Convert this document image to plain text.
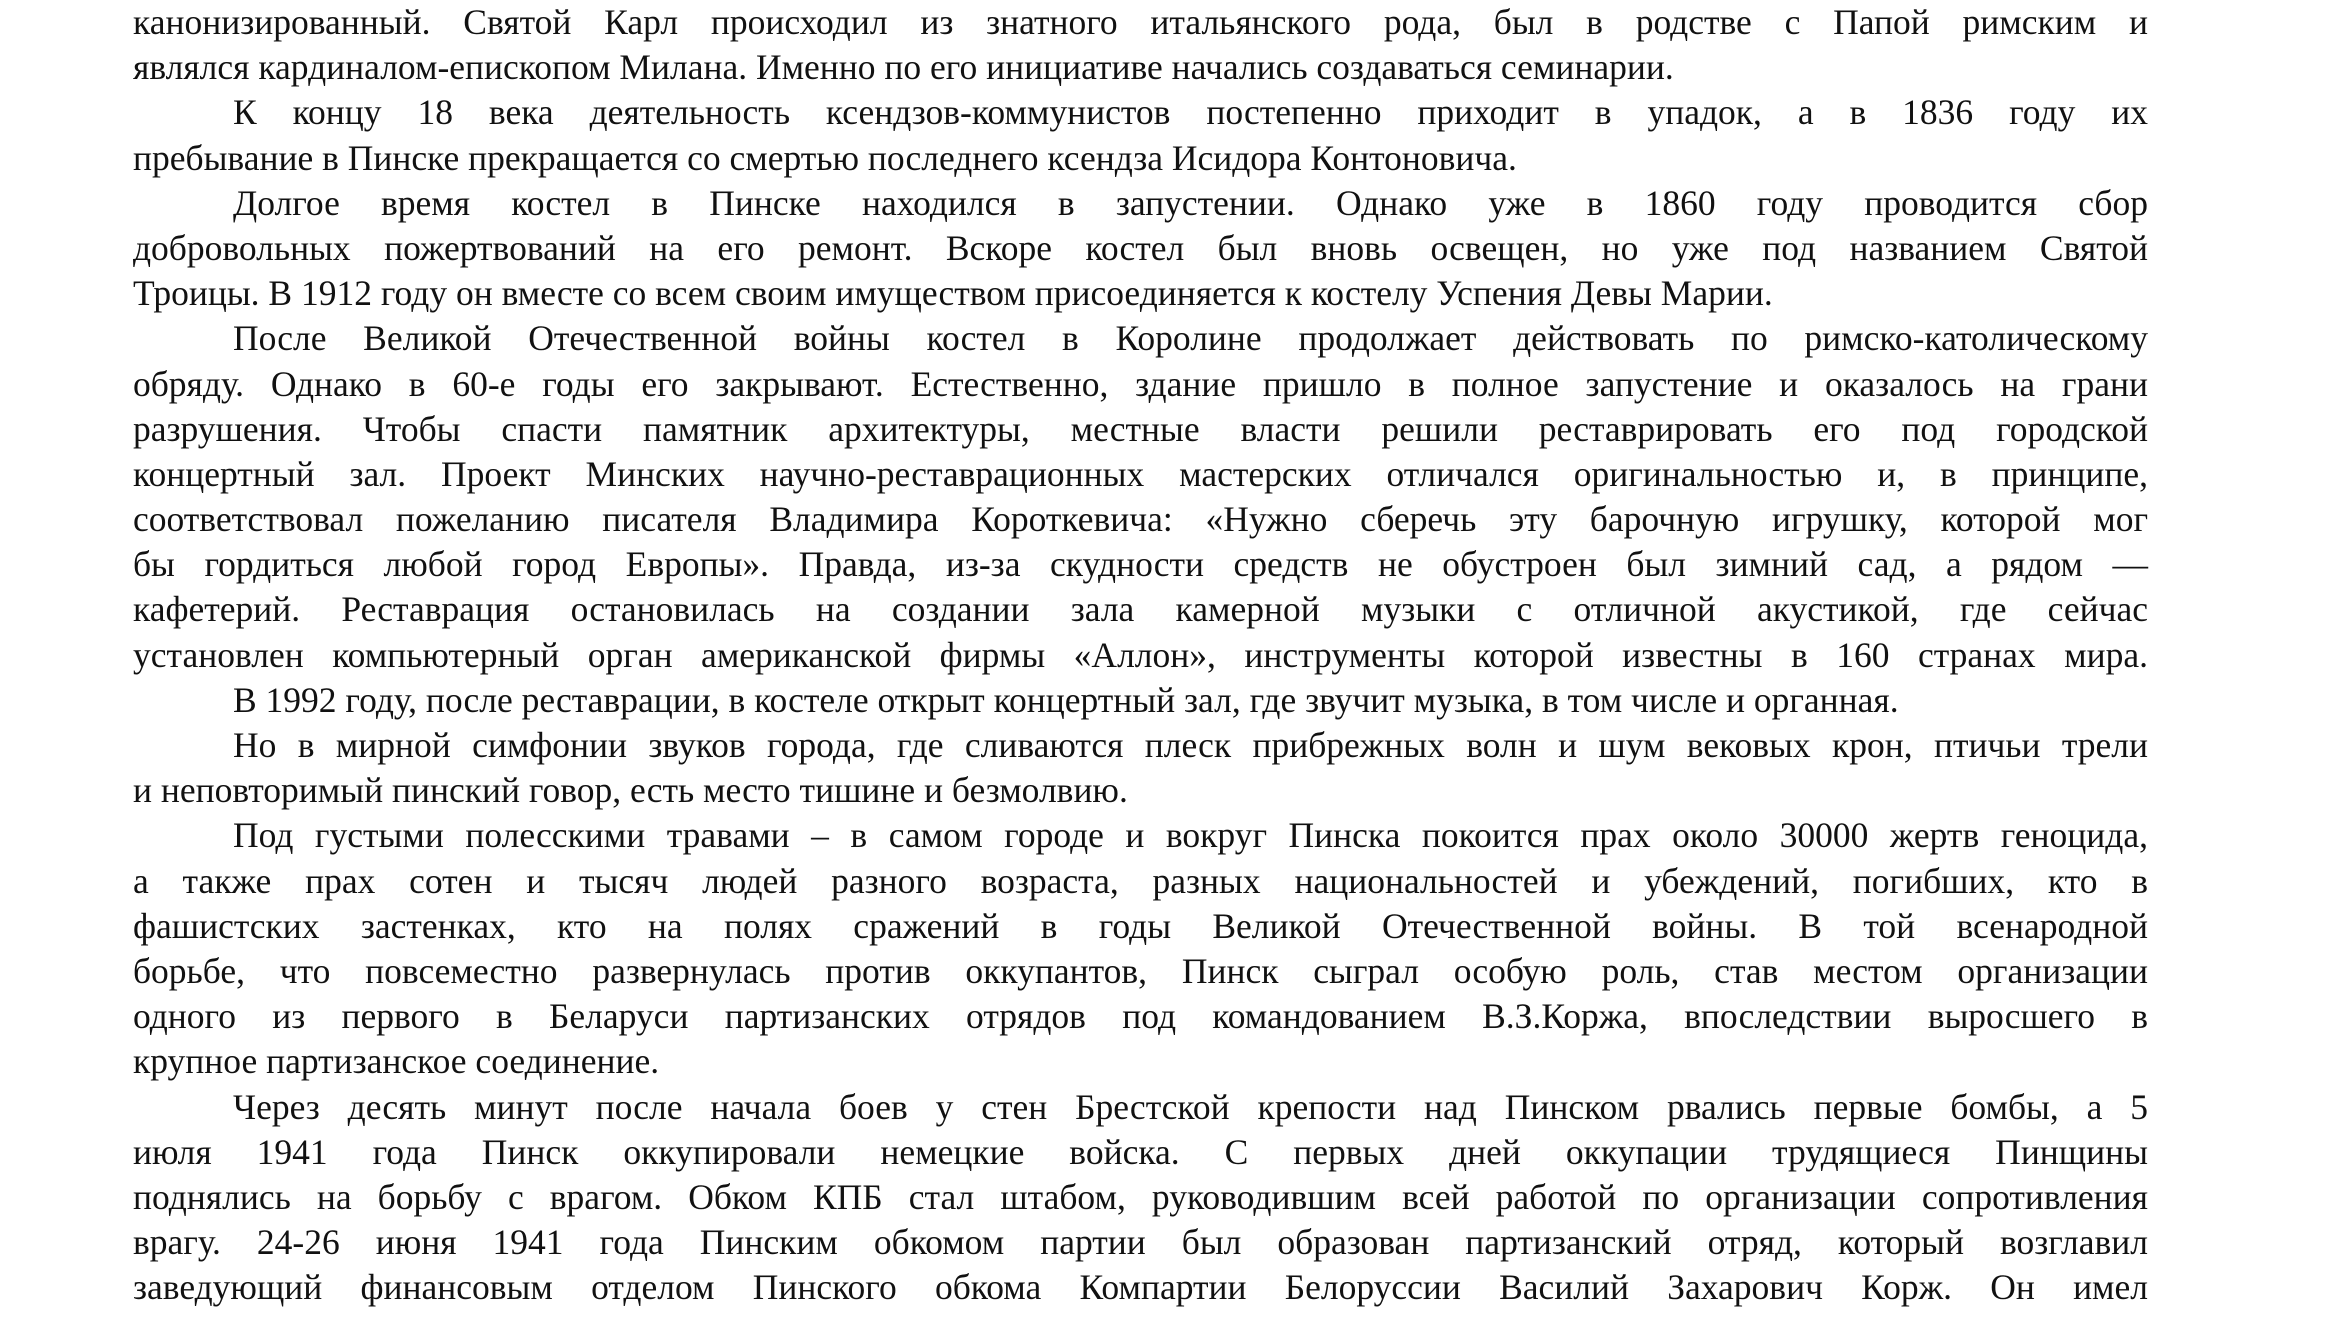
канонизированный. Святой Карл происходил из знатного итальянского рода, был в родстве с Папой римским и
являлся кардиналом-епископом Милана. Именно по его инициативе начались создаваться семинарии.
К концу 18 века деятельность ксендзов-коммунистов постепенно приходит в упадок, а в 1836 году их
пребывание в Пинске прекращается со смертью последнего ксендза Исидора Контоновича.
Долгое время костел в Пинске находился в запустении. Однако уже в 1860 году проводится сбор
добровольных пожертвований на его ремонт. Вскоре костел был вновь освещен, но уже под названием Святой
Троицы. В 1912 году он вместе со всем своим имуществом присоединяется к костелу Успения Девы Марии.
После Великой Отечественной войны костел в Королине продолжает действовать по римско-католическому
обряду. Однако в 60-е годы его закрывают. Естественно, здание пришло в полное запустение и оказалось на грани
разрушения. Чтобы спасти памятник архитектуры, местные власти решили реставрировать его под городской
концертный зал. Проект Минских научно-реставрационных мастерских отличался оригинальностью и, в принципе,
соответствовал пожеланию писателя Владимира Короткевича: «Нужно сберечь эту барочную игрушку, которой мог
бы гордиться любой город Европы». Правда, из-за скудности средств не обустроен был зимний сад, а рядом —
кафетерий. Реставрация остановилась на создании зала камерной музыки с отличной акустикой, где сейчас
установлен компьютерный орган американской фирмы «Аллон», инструменты которой известны в 160 странах мира.
В 1992 году, после реставрации, в костеле открыт концертный зал, где звучит музыка, в том числе и органная.
Но в мирной симфонии звуков города, где сливаются плеск прибрежных волн и шум вековых крон, птичьи трели
и неповторимый пинский говор, есть место тишине и безмолвию.
Под густыми полесскими травами – в самом городе и вокруг Пинска покоится прах около 30000 жертв геноцида,
а также прах сотен и тысяч людей разного возраста, разных национальностей и убеждений, погибших, кто в
фашистских застенках, кто на полях сражений в годы Великой Отечественной войны. В той всенародной
борьбе, что повсеместно развернулась против оккупантов, Пинск сыграл особую роль, став местом организации
одного из первого в Беларуси партизанских отрядов под командованием В.З.Коржа, впоследствии выросшего в
крупное партизанское соединение.
Через десять минут после начала боев у стен Брестской крепости над Пинском рвались первые бомбы, а 5
июля 1941 года Пинск оккупировали немецкие войска. С первых дней оккупации трудящиеся Пинщины
поднялись на борьбу с врагом. Обком КПБ стал штабом, руководившим всей работой по организации сопротивления
врагу. 24-26 июня 1941 года Пинским обкомом партии был образован партизанский отряд, который возглавил
заведующий финансовым отделом Пинского обкома Компартии Белоруссии Василий Захарович Корж. Он имел
